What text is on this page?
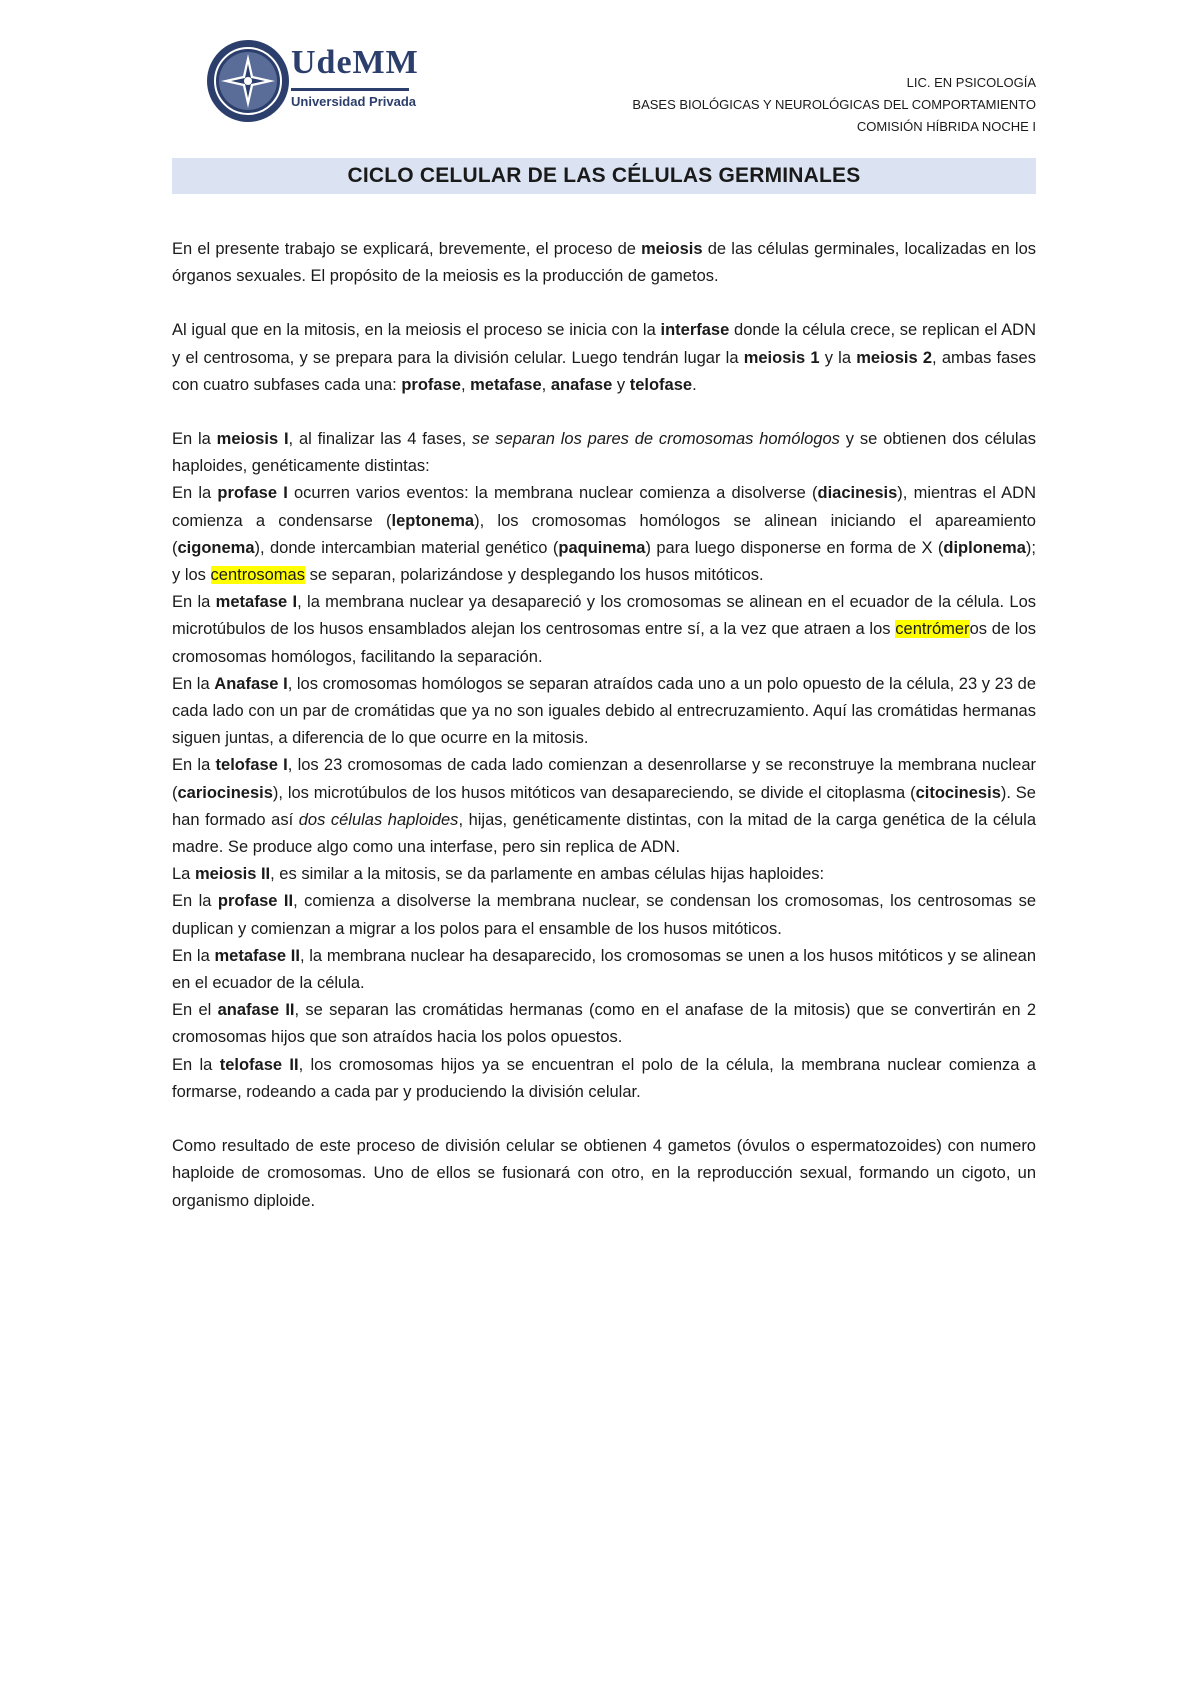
UdeMM
Universidad Privada
LIC. EN PSICOLOGÍA
BASES BIOLÓGICAS Y NEUROLÓGICAS DEL COMPORTAMIENTO
COMISIÓN HÍBRIDA NOCHE I
CICLO CELULAR DE LAS CÉLULAS GERMINALES

En el presente trabajo se explicará, brevemente, el proceso de meiosis de las células germinales, localizadas en los órganos sexuales. El propósito de la meiosis es la producción de gametos.

Al igual que en la mitosis, en la meiosis el proceso se inicia con la interfase donde la célula crece, se replican el ADN y el centrosoma, y se prepara para la división celular. Luego tendrán lugar la meiosis 1 y la meiosis 2, ambas fases con cuatro subfases cada una: profase, metafase, anafase y telofase.

En la meiosis I, al finalizar las 4 fases, se separan los pares de cromosomas homólogos y se obtienen dos células haploides, genéticamente distintas:

En la profase I ocurren varios eventos: la membrana nuclear comienza a disolverse (diacinesis), mientras el ADN comienza a condensarse (leptonema), los cromosomas homólogos se alinean iniciando el apareamiento (cigonema), donde intercambian material genético (paquinema) para luego disponerse en forma de X (diplonema); y los centrosomas se separan, polarizándose y desplegando los husos mitóticos.

En la metafase I, la membrana nuclear ya desapareció y los cromosomas se alinean en el ecuador de la célula. Los microtúbulos de los husos ensamblados alejan los centrosomas entre sí, a la vez que atraen a los centrómeros de los cromosomas homólogos, facilitando la separación.

En la Anafase I, los cromosomas homólogos se separan atraídos cada uno a un polo opuesto de la célula, 23 y 23 de cada lado con un par de cromátidas que ya no son iguales debido al entrecruzamiento. Aquí las cromátidas hermanas siguen juntas, a diferencia de lo que ocurre en la mitosis.

En la telofase I, los 23 cromosomas de cada lado comienzan a desenrollarse y se reconstruye la membrana nuclear (cariocinesis), los microtúbulos de los husos mitóticos van desapareciendo, se divide el citoplasma (citocinesis). Se han formado así dos células haploides, hijas, genéticamente distintas, con la mitad de la carga genética de la célula madre. Se produce algo como una interfase, pero sin replica de ADN.

La meiosis II, es similar a la mitosis, se da parlamente en ambas células hijas haploides:

En la profase II, comienza a disolverse la membrana nuclear, se condensan los cromosomas, los centrosomas se duplican y comienzan a migrar a los polos para el ensamble de los husos mitóticos.

En la metafase II, la membrana nuclear ha desaparecido, los cromosomas se unen a los husos mitóticos y se alinean en el ecuador de la célula.

En el anafase II, se separan las cromátidas hermanas (como en el anafase de la mitosis) que se convertirán en 2 cromosomas hijos que son atraídos hacia los polos opuestos.

En la telofase II, los cromosomas hijos ya se encuentran el polo de la célula, la membrana nuclear comienza a formarse, rodeando a cada par y produciendo la división celular.

Como resultado de este proceso de división celular se obtienen 4 gametos (óvulos o espermatozoides) con numero haploide de cromosomas. Uno de ellos se fusionará con otro, en la reproducción sexual, formando un cigoto, un organismo diploide.
